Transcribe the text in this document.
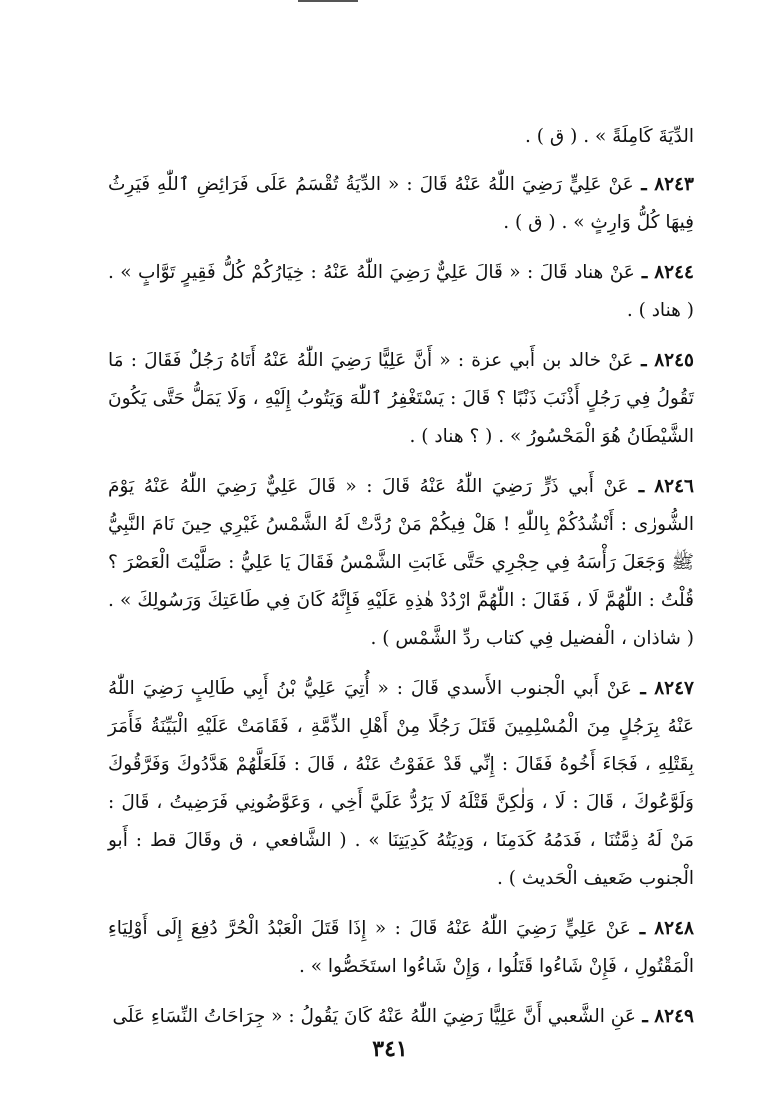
الدِّيَةَ كَامِلَةً » . ( ق ) .

٨٢٤٣ ـ عَنْ عَلِيٍّ رَضِيَ اللّٰهُ عَنْهُ قَالَ : « الدِّيَةُ تُقْسَمُ عَلَى فَرَائِضِ ٱللّٰهِ فَيَرِثُ فِيهَا كُلُّ وَارِثٍ » . ( ق ) .

٨٢٤٤ ـ عَنْ هناد قَالَ : « قَالَ عَلِيٌّ رَضِيَ اللّٰهُ عَنْهُ : خِيَارُكُمْ كُلُّ فَقِيرٍ تَوَّابٍ » . ( هناد ) .

٨٢٤٥ ـ عَنْ خالد بن أَبي عزة : « أَنَّ عَلِيًّا رَضِيَ اللّٰهُ عَنْهُ أَتَاهُ رَجُلٌ فَقَالَ : مَا تَقُولُ فِي رَجُلٍ أَذْنَبَ ذَنْبًا ؟ قَالَ : يَسْتَغْفِرُ ٱللّٰهَ وَيَتُوبُ إِلَيْهِ ، وَلَا يَمَلُّ حَتَّى يَكُونَ الشَّيْطَانُ هُوَ الْمَحْسُورُ » . ( ؟ هناد ) .

٨٢٤٦ ـ عَنْ أَبي ذَرٍّ رَضِيَ اللّٰهُ عَنْهُ قَالَ : « قَالَ عَلِيٌّ رَضِيَ اللّٰهُ عَنْهُ يَوْمَ الشُّورٰى : أَنْشُدُكُمْ بِاللّٰهِ ! هَلْ فِيكُمْ مَنْ رُدَّتْ لَهُ الشَّمْسُ غَيْرِي حِينَ نَامَ النَّبِيُّ ﷺ وَجَعَلَ رَأْسَهُ فِي حِجْرِي حَتَّى غَابَتِ الشَّمْسُ فَقَالَ يَا عَلِيُّ : صَلَّيْتَ الْعَصْرَ ؟ قُلْتُ : اللّٰهُمَّ لَا ، فَقَالَ : اللّٰهُمَّ ارْدُدْ هٰذِهِ عَلَيْهِ فَإِنَّهُ كَانَ فِي طَاعَتِكَ وَرَسُولِكَ » . ( شاذان ، الْفضيل فِي كتاب ردِّ الشَّمْس ) .

٨٢٤٧ ـ عَنْ أَبي الْجنوب الأَسدي قَالَ : « أُتِيَ عَلِيُّ بْنُ أَبِي طَالِبٍ رَضِيَ اللّٰهُ عَنْهُ بِرَجُلٍ مِنَ الْمُسْلِمِينَ قَتَلَ رَجُلًا مِنْ أَهْلِ الذِّمَّةِ ، فَقَامَتْ عَلَيْهِ الْبَيِّنَةُ فَأَمَرَ بِقَتْلِهِ ، فَجَاءَ أَخُوهُ فَقَالَ : إِنِّي قَدْ عَفَوْتُ عَنْهُ ، قَالَ : فَلَعَلَّهُمْ هَدَّدُوكَ وَفَرَّقُوكَ وَلَوَّعُوكَ ، قَالَ : لَا ، وَلٰكِنَّ قَتْلَهُ لَا يَرُدُّ عَلَيَّ أَخِي ، وَعَوَّضُونِي فَرَضِيتُ ، قَالَ : مَنْ لَهُ ذِمَّتُنَا ، فَدَمُهُ كَدَمِنَا ، وَدِيَتُهُ كَدِيَتِنَا » . ( الشَّافعي ، ق وقَالَ قط : أَبو الْجنوب ضَعيف الْحَديث ) .

٨٢٤٨ ـ عَنْ عَلِيٍّ رَضِيَ اللّٰهُ عَنْهُ قَالَ : « إِذَا قَتَلَ الْعَبْدُ الْحُرَّ دُفِعَ إِلَى أَوْلِيَاءِ الْمَقْتُولِ ، فَإِنْ شَاءُوا قَتَلُوا ، وَإِنْ شَاءُوا استَخَصُّوا » .

٨٢٤٩ ـ عَنِ الشَّعبي أَنَّ عَلِيًّا رَضِيَ اللّٰهُ عَنْهُ كَانَ يَقُولُ : « جِرَاحَاتُ النِّسَاءِ عَلَى

٣٤١
